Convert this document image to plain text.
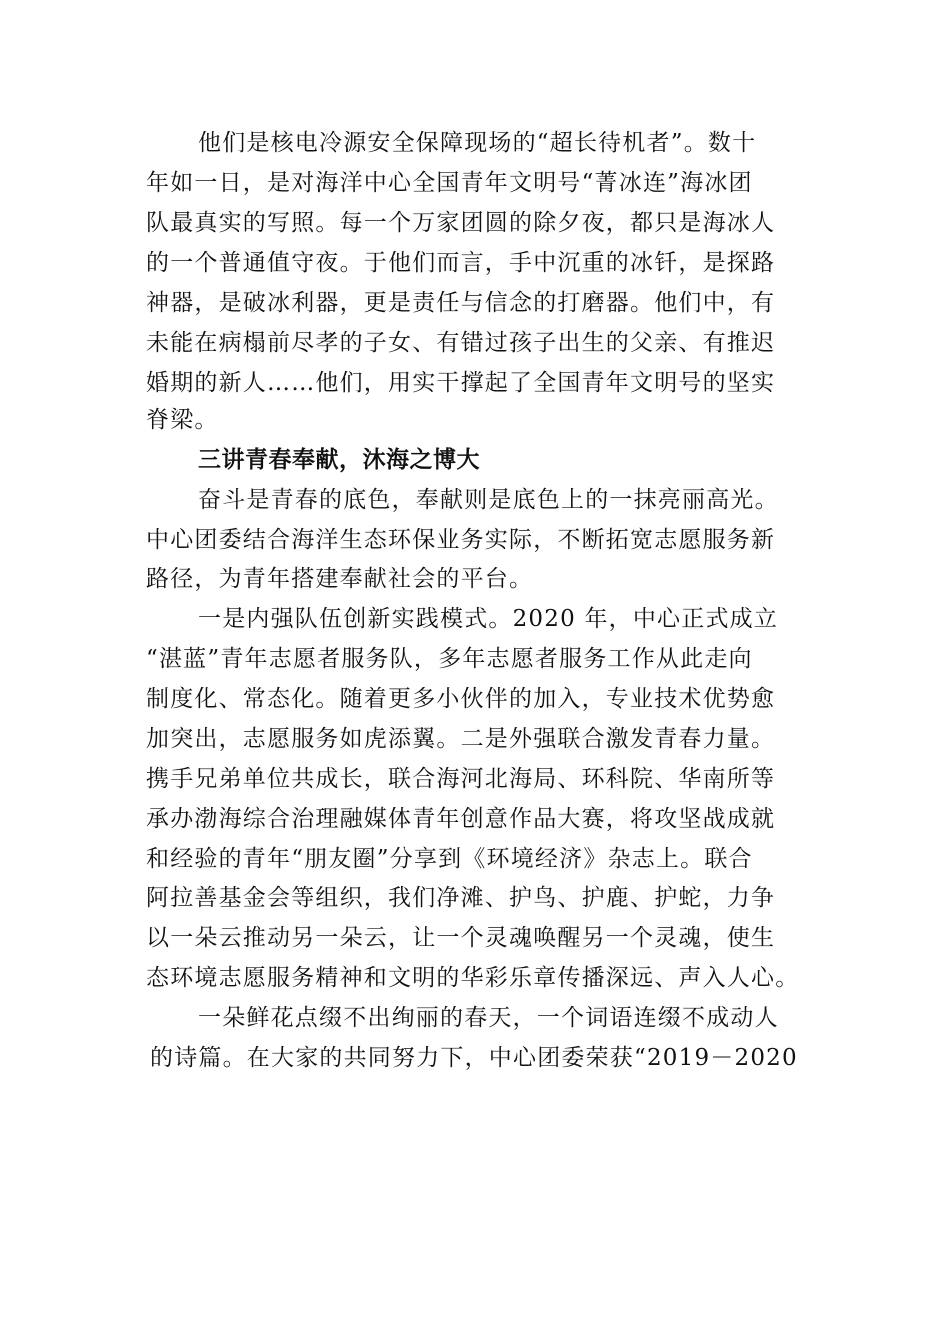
他们是核电冷源安全保障现场的“超长待机者”。数十
年如一日，是对海洋中心全国青年文明号“菁冰连”海冰团
队最真实的写照。每一个万家团圆的除夕夜，都只是海冰人
的一个普通值守夜。于他们而言，手中沉重的冰钎，是探路
神器，是破冰利器，更是责任与信念的打磨器。他们中，有
未能在病榻前尽孝的子女、有错过孩子出生的父亲、有推迟
婚期的新人……他们，用实干撑起了全国青年文明号的坚实
脊梁。
三讲青春奉献，沐海之博大
奋斗是青春的底色，奉献则是底色上的一抹亮丽高光。
中心团委结合海洋生态环保业务实际，不断拓宽志愿服务新
路径，为青年搭建奉献社会的平台。
一是内强队伍创新实践模式。2020 年，中心正式成立
“湛蓝”青年志愿者服务队，多年志愿者服务工作从此走向
制度化、常态化。随着更多小伙伴的加入，专业技术优势愈
加突出，志愿服务如虎添翼。二是外强联合激发青春力量。
携手兄弟单位共成长，联合海河北海局、环科院、华南所等
承办渤海综合治理融媒体青年创意作品大赛，将攻坚战成就
和经验的青年“朋友圈”分享到《环境经济》杂志上。联合
阿拉善基金会等组织，我们净滩、护鸟、护鹿、护蛇，力争
以一朵云推动另一朵云，让一个灵魂唤醒另一个灵魂，使生
态环境志愿服务精神和文明的华彩乐章传播深远、声入人心。
一朵鲜花点缀不出绚丽的春天，一个词语连缀不成动人
的诗篇。在大家的共同努力下，中心团委荣获“2019－2020
